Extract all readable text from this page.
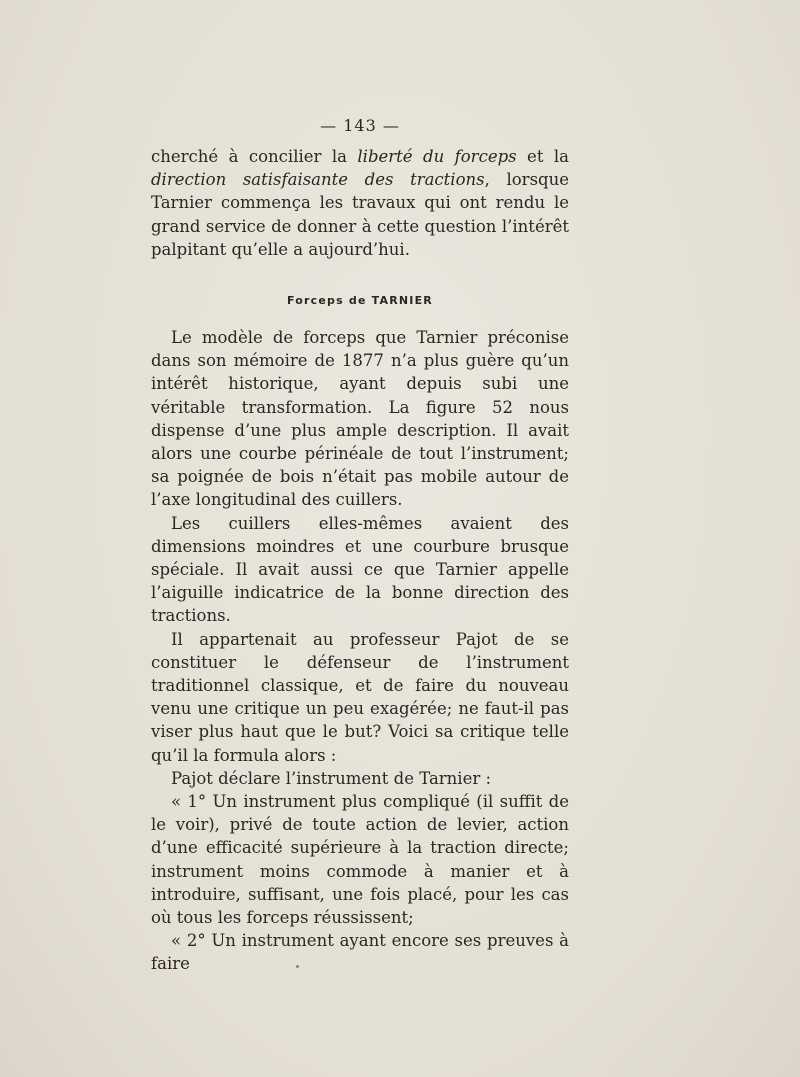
— 143 —

cherché à concilier la liberté du forceps et la direction satisfaisante des tractions, lorsque Tarnier commença les travaux qui ont rendu le grand service de donner à cette question l’intérêt palpitant qu’elle a aujourd’hui.

Forceps de TARNIER

Le modèle de forceps que Tarnier préconise dans son mémoire de 1877 n’a plus guère qu’un intérêt historique, ayant depuis subi une véritable transformation. La figure 52 nous dispense d’une plus ample description. Il avait alors une courbe périnéale de tout l’instrument; sa poignée de bois n’était pas mobile autour de l’axe longitudinal des cuillers.

Les cuillers elles-mêmes avaient des dimensions moindres et une courbure brusque spéciale. Il avait aussi ce que Tarnier appelle l’aiguille indicatrice de la bonne direction des tractions.

Il appartenait au professeur Pajot de se constituer le défenseur de l’instrument traditionnel classique, et de faire du nouveau venu une critique un peu exagérée; ne faut-il pas viser plus haut que le but? Voici sa critique telle qu’il la formula alors :

Pajot déclare l’instrument de Tarnier :

« 1° Un instrument plus compliqué (il suffit de le voir), privé de toute action de levier, action d’une efficacité supérieure à la traction directe; instrument moins commode à manier et à introduire, suffisant, une fois placé, pour les cas où tous les forceps réussissent;

« 2° Un instrument ayant encore ses preuves à faire
